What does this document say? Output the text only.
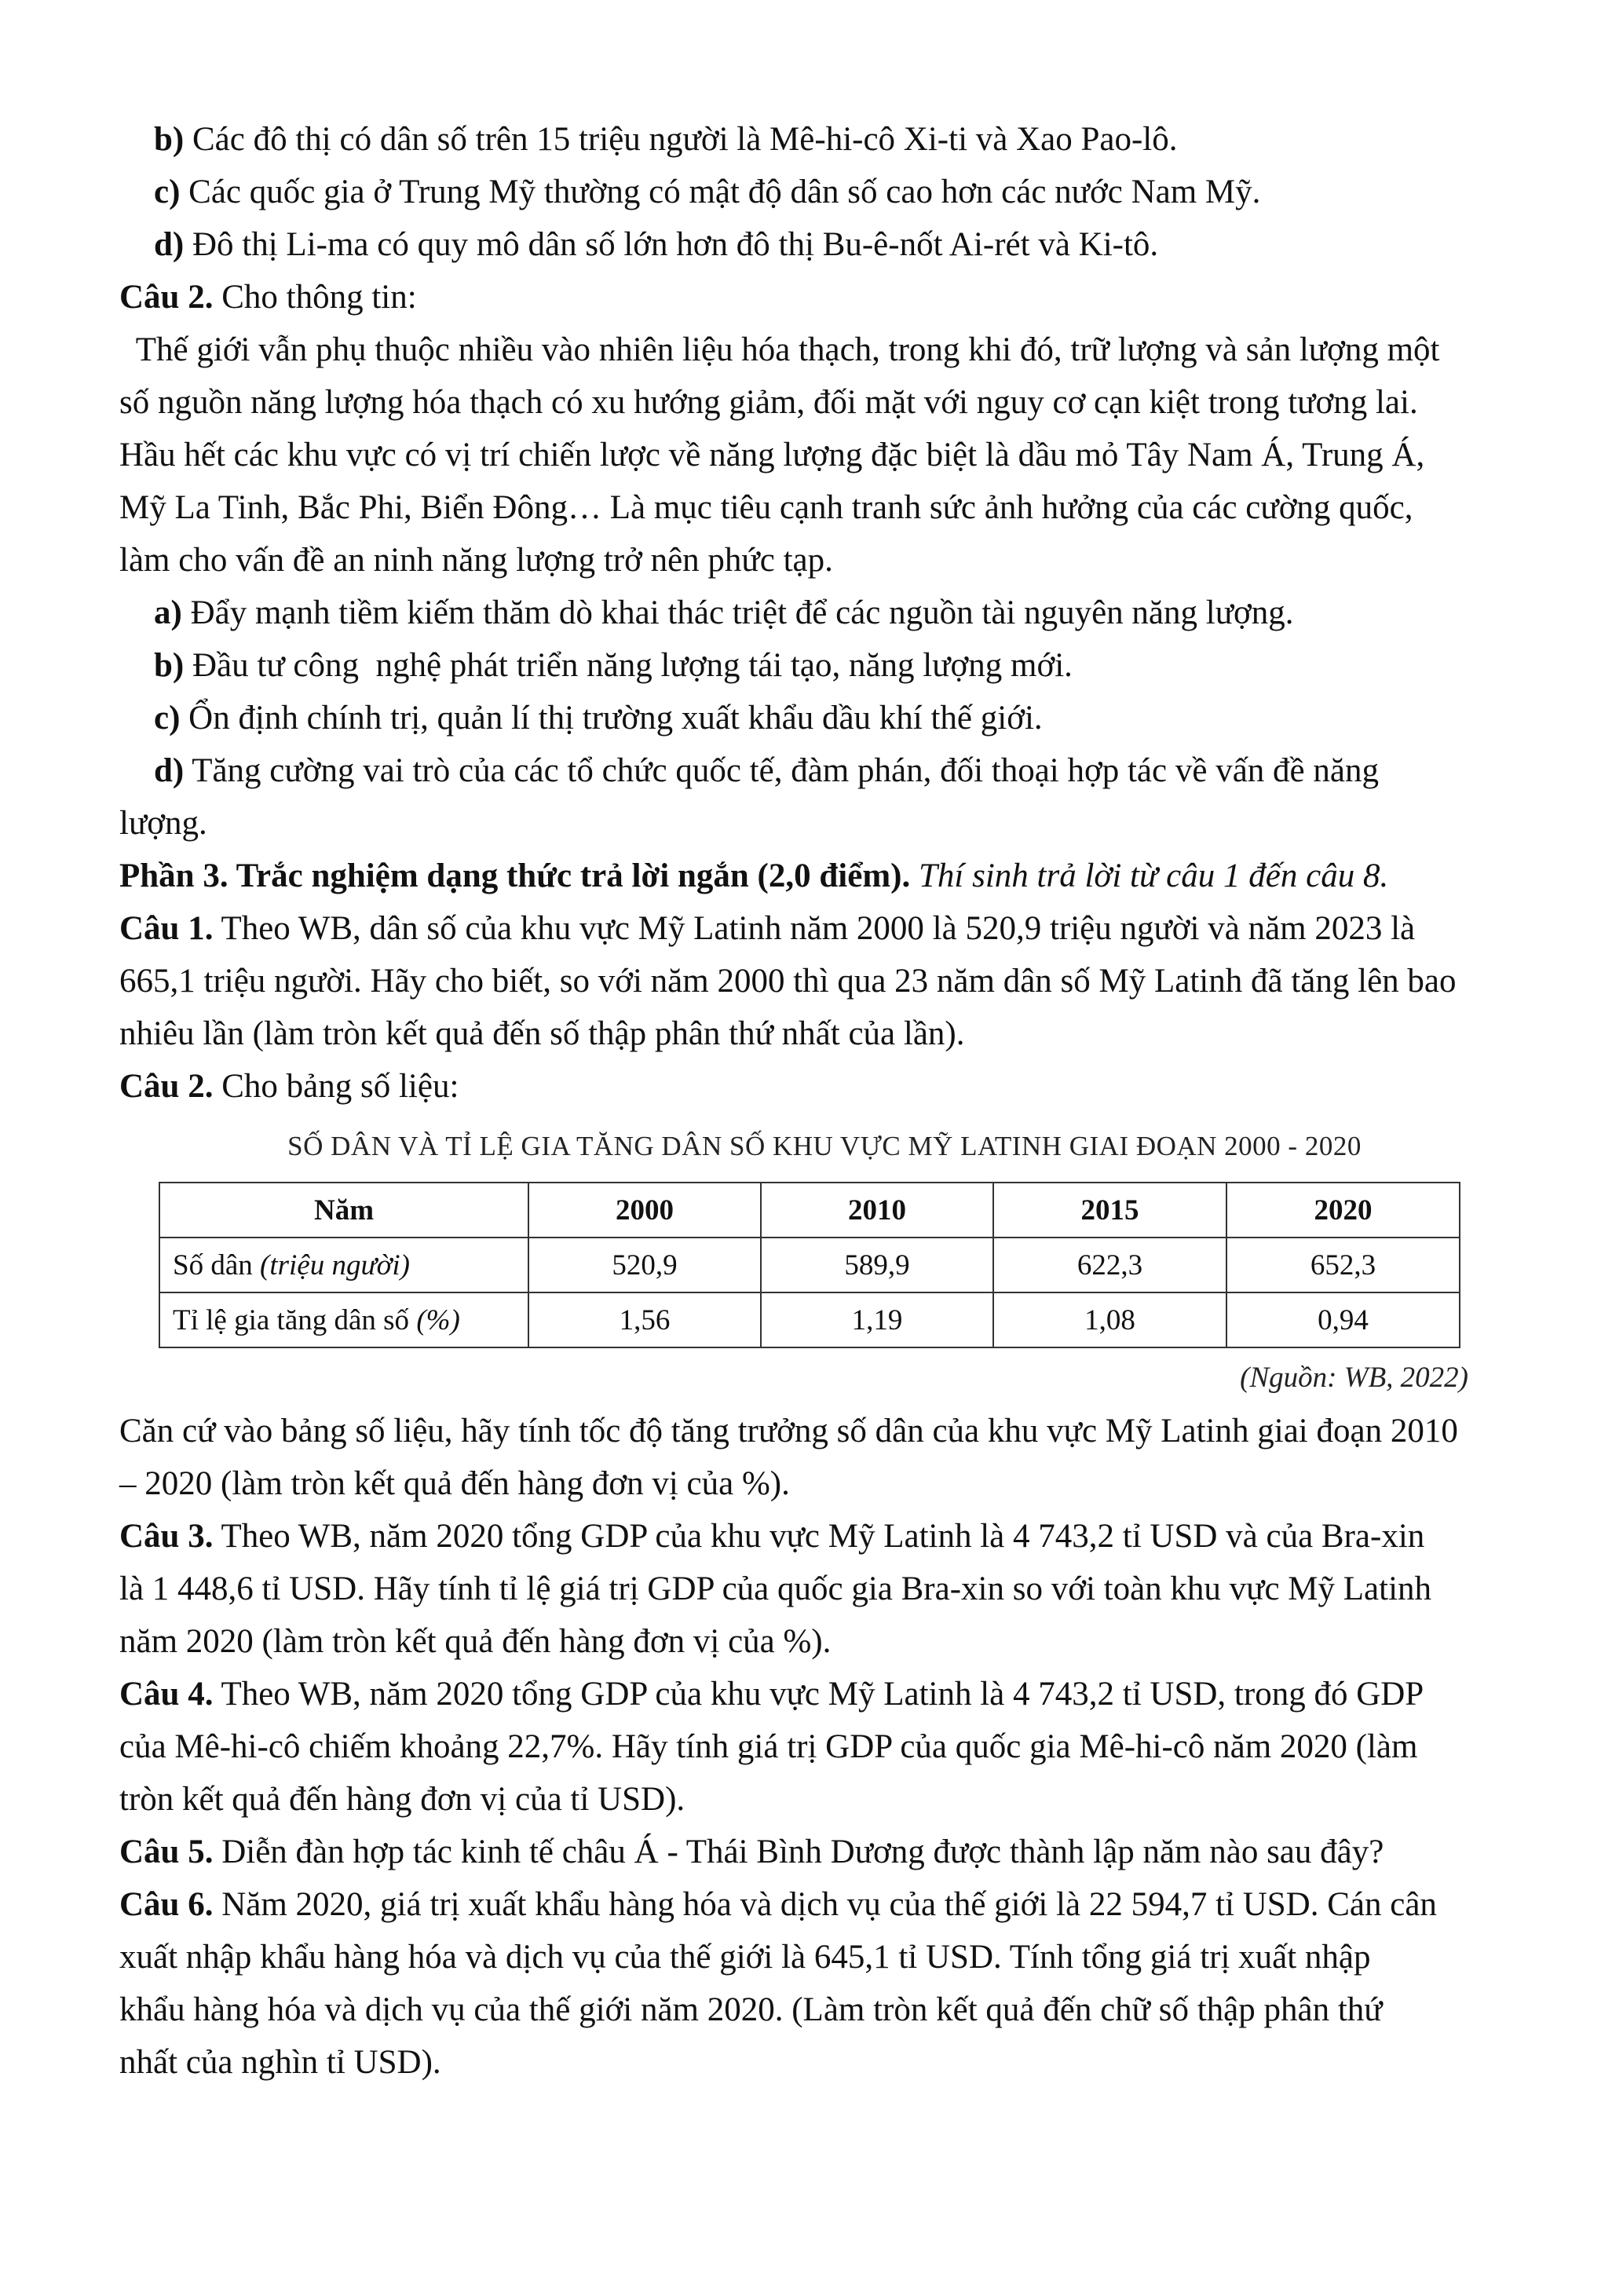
b) Các đô thị có dân số trên 15 triệu người là Mê-hi-cô Xi-ti và Xao Pao-lô.
c) Các quốc gia ở Trung Mỹ thường có mật độ dân số cao hơn các nước Nam Mỹ.
d) Đô thị Li-ma có quy mô dân số lớn hơn đô thị Bu-ê-nốt Ai-rét và Ki-tô.
Câu 2. Cho thông tin:
Thế giới vẫn phụ thuộc nhiều vào nhiên liệu hóa thạch, trong khi đó, trữ lượng và sản lượng một
số nguồn năng lượng hóa thạch có xu hướng giảm, đối mặt với nguy cơ cạn kiệt trong tương lai.
Hầu hết các khu vực có vị trí chiến lược về năng lượng đặc biệt là dầu mỏ Tây Nam Á, Trung Á,
Mỹ La Tinh, Bắc Phi, Biển Đông… Là mục tiêu cạnh tranh sức ảnh hưởng của các cường quốc,
làm cho vấn đề an ninh năng lượng trở nên phức tạp.
a) Đẩy mạnh tiềm kiếm thăm dò khai thác triệt để các nguồn tài nguyên năng lượng.
b) Đầu tư công  nghệ phát triển năng lượng tái tạo, năng lượng mới.
c) Ổn định chính trị, quản lí thị trường xuất khẩu dầu khí thế giới.
d) Tăng cường vai trò của các tổ chức quốc tế, đàm phán, đối thoại hợp tác về vấn đề năng
lượng.
Phần 3. Trắc nghiệm dạng thức trả lời ngắn (2,0 điểm). Thí sinh trả lời từ câu 1 đến câu 8.
Câu 1. Theo WB, dân số của khu vực Mỹ Latinh năm 2000 là 520,9 triệu người và năm 2023 là
665,1 triệu người. Hãy cho biết, so với năm 2000 thì qua 23 năm dân số Mỹ Latinh đã tăng lên bao
nhiêu lần (làm tròn kết quả đến số thập phân thứ nhất của lần).
Câu 2. Cho bảng số liệu:
SỐ DÂN VÀ TỈ LỆ GIA TĂNG DÂN SỐ KHU VỰC MỸ LATINH GIAI ĐOẠN 2000 - 2020
Năm	2000	2010	2015	2020
Số dân (triệu người)	520,9	589,9	622,3	652,3
Tỉ lệ gia tăng dân số (%)	1,56	1,19	1,08	0,94
(Nguồn: WB, 2022)
Căn cứ vào bảng số liệu, hãy tính tốc độ tăng trưởng số dân của khu vực Mỹ Latinh giai đoạn 2010
– 2020 (làm tròn kết quả đến hàng đơn vị của %).
Câu 3. Theo WB, năm 2020 tổng GDP của khu vực Mỹ Latinh là 4 743,2 tỉ USD và của Bra-xin
là 1 448,6 tỉ USD. Hãy tính tỉ lệ giá trị GDP của quốc gia Bra-xin so với toàn khu vực Mỹ Latinh
năm 2020 (làm tròn kết quả đến hàng đơn vị của %).
Câu 4. Theo WB, năm 2020 tổng GDP của khu vực Mỹ Latinh là 4 743,2 tỉ USD, trong đó GDP
của Mê-hi-cô chiếm khoảng 22,7%. Hãy tính giá trị GDP của quốc gia Mê-hi-cô năm 2020 (làm
tròn kết quả đến hàng đơn vị của tỉ USD).
Câu 5. Diễn đàn hợp tác kinh tế châu Á - Thái Bình Dương được thành lập năm nào sau đây?
Câu 6. Năm 2020, giá trị xuất khẩu hàng hóa và dịch vụ của thế giới là 22 594,7 tỉ USD. Cán cân
xuất nhập khẩu hàng hóa và dịch vụ của thế giới là 645,1 tỉ USD. Tính tổng giá trị xuất nhập
khẩu hàng hóa và dịch vụ của thế giới năm 2020. (Làm tròn kết quả đến chữ số thập phân thứ
nhất của nghìn tỉ USD).
